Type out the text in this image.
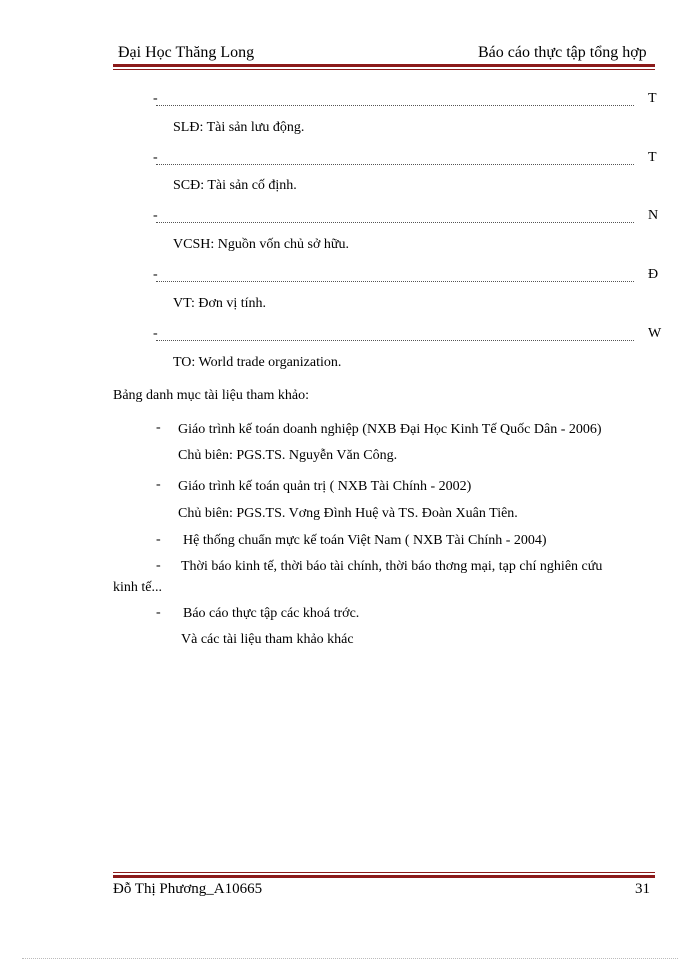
Đại Học Thăng Long	Báo cáo thực tập tổng hợp
-	T
SLĐ: Tài sản lưu động.
-	T
SCĐ: Tài sản cố định.
-	N
VCSH: Nguồn vốn chủ sở hữu.
-	Đ
VT: Đơn vị tính.
-	W
TO: World trade organization.
Bảng danh mục tài liệu tham khảo:
- Giáo trình kế toán doanh nghiệp (NXB Đại Học Kinh Tế Quốc Dân - 2006)
Chủ biên: PGS.TS. Nguyễn Văn Công.
- Giáo trình kế toán quản trị ( NXB Tài Chính - 2002)
Chủ biên: PGS.TS. Vơng Đình Huệ và TS. Đoàn Xuân Tiên.
- Hệ thống chuẩn mực kế toán Việt Nam ( NXB Tài Chính - 2004)
- Thời báo kinh tế, thời báo tài chính, thời báo thơng mại, tạp chí nghiên cứu
kinh tế...
- Báo cáo thực tập các khoá trớc.
Và các tài liệu tham khảo khác
Đỗ Thị Phương_A10665	31
